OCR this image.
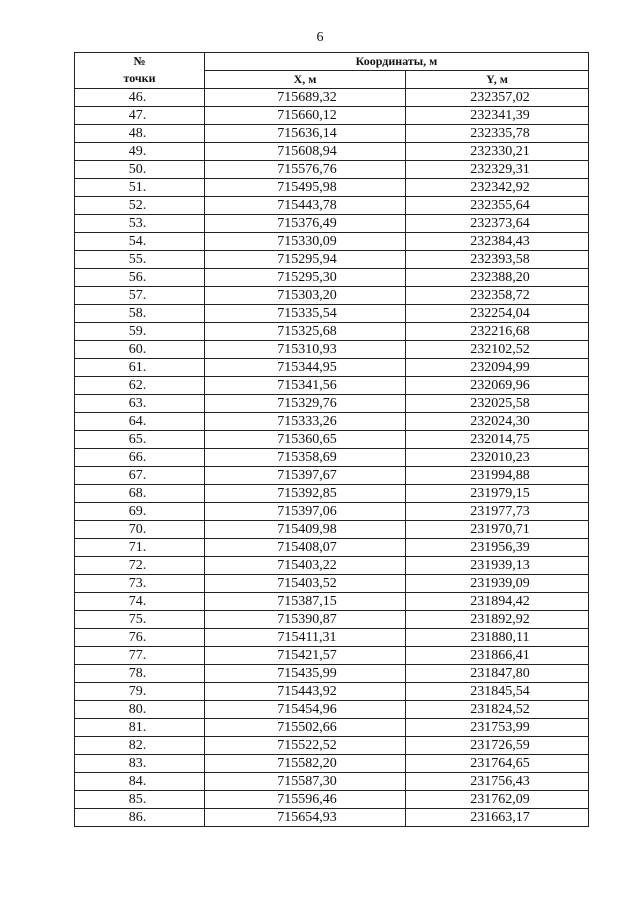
6
№
точки	Координаты, м	
	X, м	Y, м
46.	715689,32	232357,02
47.	715660,12	232341,39
48.	715636,14	232335,78
49.	715608,94	232330,21
50.	715576,76	232329,31
51.	715495,98	232342,92
52.	715443,78	232355,64
53.	715376,49	232373,64
54.	715330,09	232384,43
55.	715295,94	232393,58
56.	715295,30	232388,20
57.	715303,20	232358,72
58.	715335,54	232254,04
59.	715325,68	232216,68
60.	715310,93	232102,52
61.	715344,95	232094,99
62.	715341,56	232069,96
63.	715329,76	232025,58
64.	715333,26	232024,30
65.	715360,65	232014,75
66.	715358,69	232010,23
67.	715397,67	231994,88
68.	715392,85	231979,15
69.	715397,06	231977,73
70.	715409,98	231970,71
71.	715408,07	231956,39
72.	715403,22	231939,13
73.	715403,52	231939,09
74.	715387,15	231894,42
75.	715390,87	231892,92
76.	715411,31	231880,11
77.	715421,57	231866,41
78.	715435,99	231847,80
79.	715443,92	231845,54
80.	715454,96	231824,52
81.	715502,66	231753,99
82.	715522,52	231726,59
83.	715582,20	231764,65
84.	715587,30	231756,43
85.	715596,46	231762,09
86.	715654,93	231663,17
